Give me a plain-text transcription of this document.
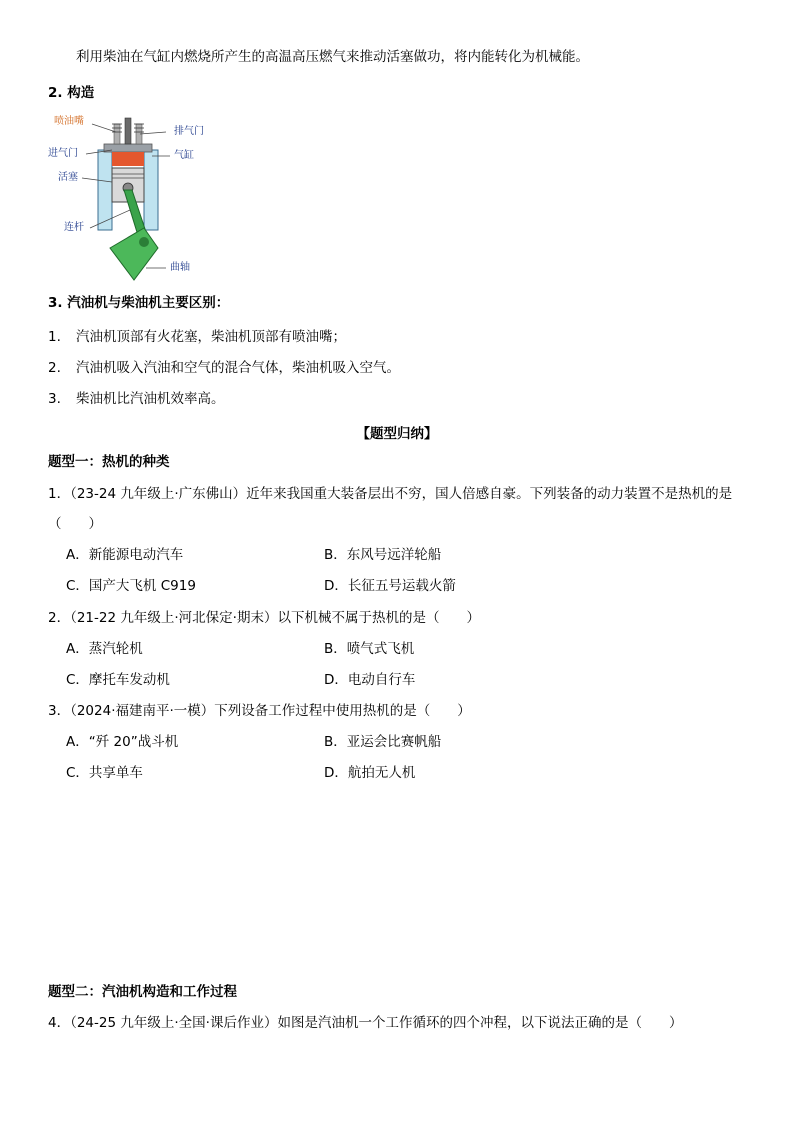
利用柴油在气缸内燃烧所产生的高温高压燃气来推动活塞做功，将内能转化为机械能。
2. 构造
喷油嘴
排气门
进气门	气缸
活塞
连杆
曲轴
3. 汽油机与柴油机主要区别：
1. 汽油机顶部有火花塞，柴油机顶部有喷油嘴；
2. 汽油机吸入汽油和空气的混合气体，柴油机吸入空气。
3. 柴油机比汽油机效率高。
【题型归纳】
题型一：热机的种类
1．（23-24 九年级上·广东佛山）近年来我国重大装备层出不穷，国人倍感自豪。下列装备的动力装置不是热机的是
（　　）
A．新能源电动汽车	B．东风号远洋轮船
C．国产大飞机 C919	D．长征五号运载火箭
2．（21-22 九年级上·河北保定·期末）以下机械不属于热机的是（　　）
A．蒸汽轮机	B．喷气式飞机
C．摩托车发动机	D．电动自行车
3．（2024·福建南平·一模）下列设备工作过程中使用热机的是（　　）
A．“歼 20”战斗机	B．亚运会比赛帆船
C．共享单车	D．航拍无人机
题型二：汽油机构造和工作过程
4．（24-25 九年级上·全国·课后作业）如图是汽油机一个工作循环的四个冲程，以下说法正确的是（　　）
